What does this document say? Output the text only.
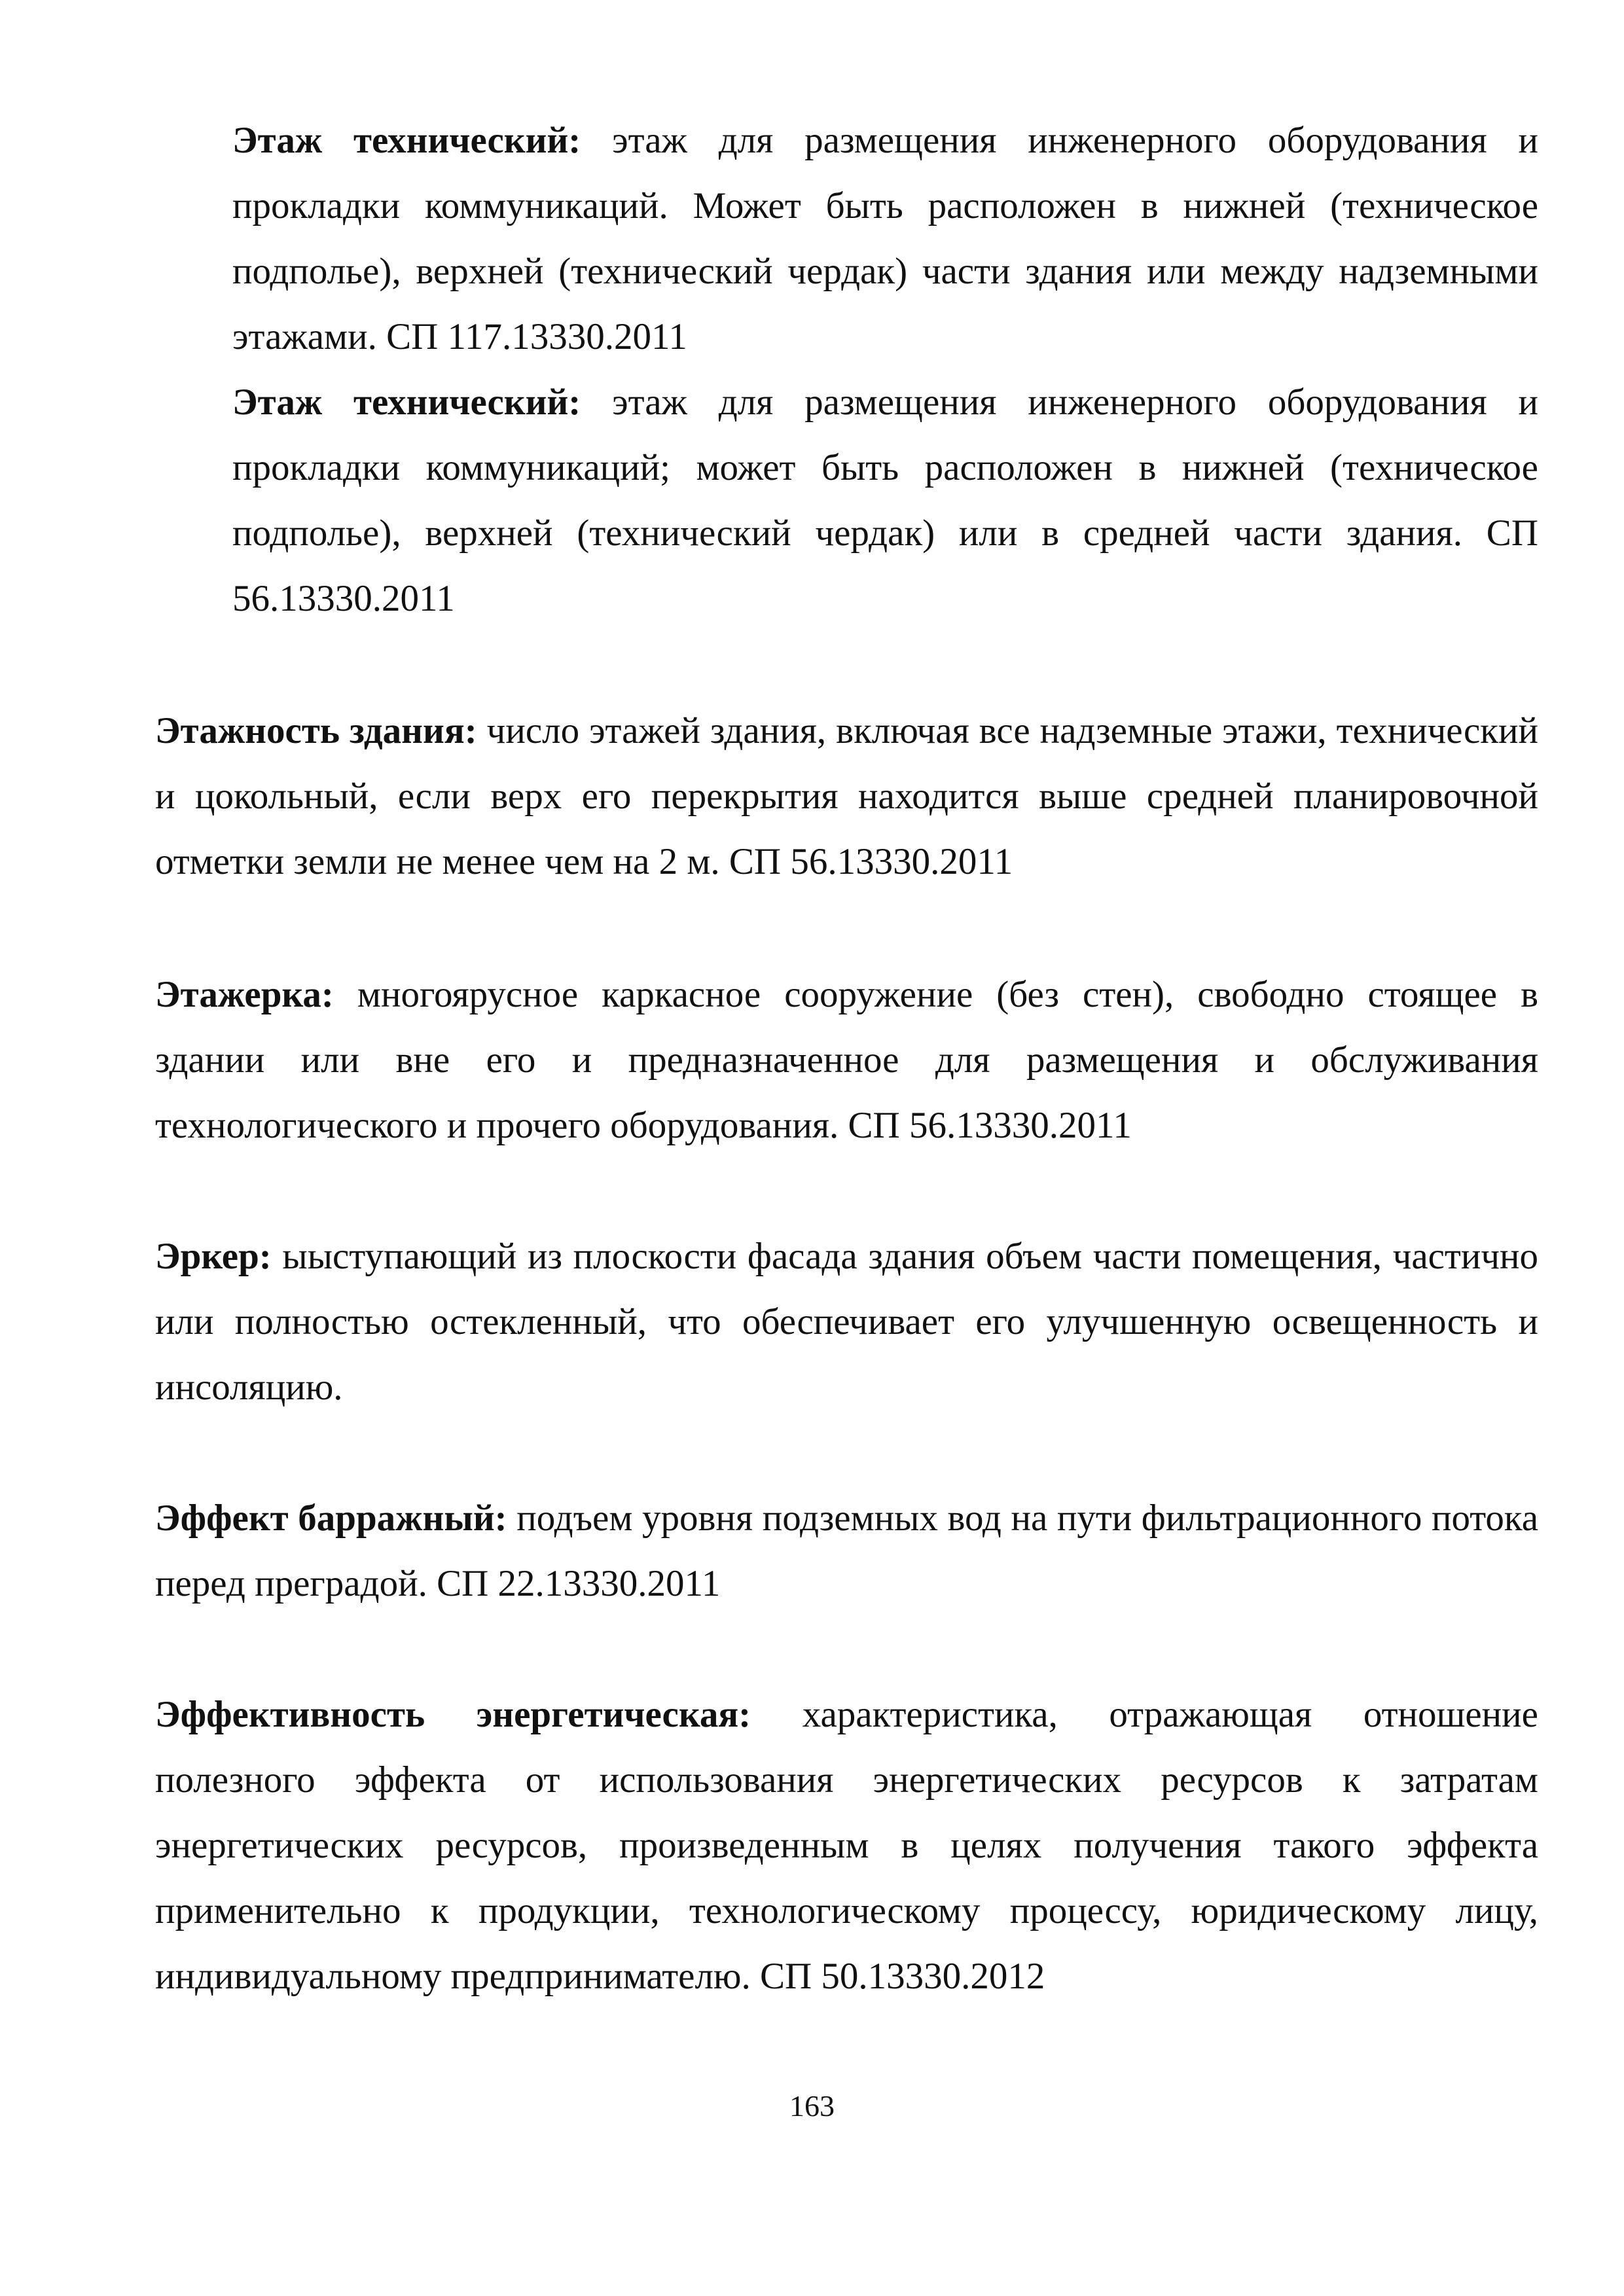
Этаж технический: этаж для размещения инженерного оборудования и прокладки коммуникаций. Может быть расположен в нижней (техническое подполье), верхней (технический чердак) части здания или между надземными этажами. СП 117.13330.2011

Этаж технический: этаж для размещения инженерного оборудования и прокладки коммуникаций; может быть расположен в нижней (техническое подполье), верхней (технический чердак) или в средней части здания. СП 56.13330.2011

Этажность здания: число этажей здания, включая все надземные этажи, технический и цокольный, если верх его перекрытия находится выше средней планировочной отметки земли не менее чем на 2 м. СП 56.13330.2011

Этажерка: многоярусное каркасное сооружение (без стен), свободно стоящее в здании или вне его и предназначенное для размещения и обслуживания технологического и прочего оборудования. СП 56.13330.2011

Эркер: ыыступающий из плоскости фасада здания объем части помещения, частично или полностью остекленный, что обеспечивает его улучшенную освещенность и инсоляцию.

Эффект барражный: подъем уровня подземных вод на пути фильтрационного потока перед преградой. СП 22.13330.2011

Эффективность энергетическая: характеристика, отражающая отношение полезного эффекта от использования энергетических ресурсов к затратам энергетических ресурсов, произведенным в целях получения такого эффекта применительно к продукции, технологическому процессу, юридическому лицу, индивидуальному предпринимателю. СП 50.13330.2012

163
